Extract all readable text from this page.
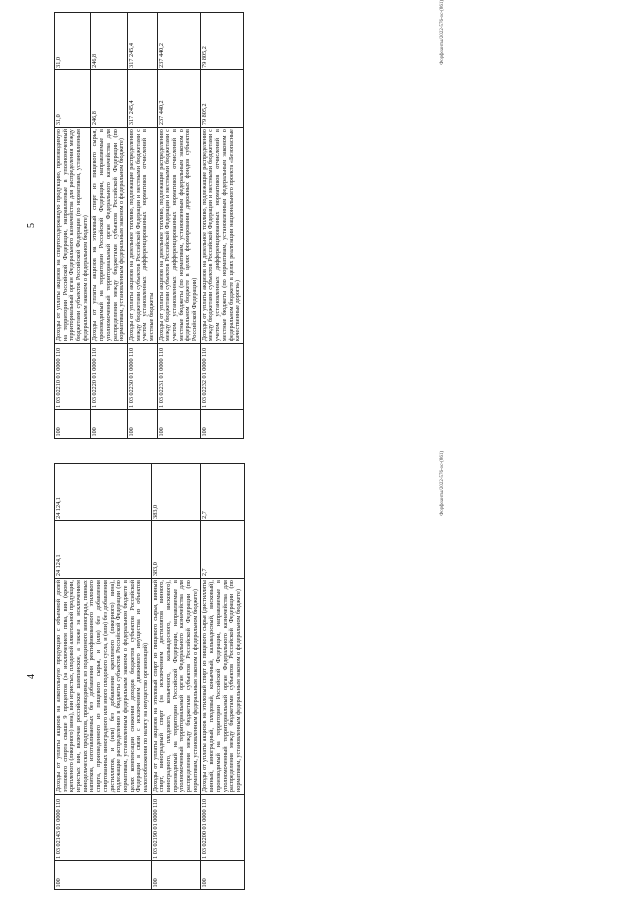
5
100	1 03 02210 01 0000 110	Доходы от уплаты акцизов на спиртосодержащую продукцию, производимую на территории Российской Федерации, направляемые в уполномоченный территориальный орган Федерального казначейства для распределения между бюджетами субъектов Российской Федерации (по нормативам, установленным федеральным законом о федеральном бюджете)	31,0	31,0
100	1 03 02220 01 0000 110	Доходы от уплаты акцизов на этиловый спирт из пищевого сырья, производимый на территории Российской Федерации, направляемые в уполномоченный территориальный орган Федерального казначейства для распределения между бюджетами субъектов Российской Федерации (по нормативам, установленным федеральным законом о федеральном бюджете)	246,8	246,8
100	1 03 02230 01 0000 110	Доходы от уплаты акцизов на дизельное топливо, подлежащие распределению между бюджетами субъектов Российской Федерации и местными бюджетами с учетом установленных дифференцированных нормативов отчислений в местные бюджеты	317 245,4	317 245,4
100	1 03 02231 01 0000 110	Доходы от уплаты акцизов на дизельное топливо, подлежащие распределению между бюджетами субъектов Российской Федерации и местными бюджетами с учетом установленных дифференцированных нормативов отчислений в местные бюджеты (по нормативам, установленным федеральным законом о федеральном бюджете в целях формирования дорожных фондов субъектов Российской Федерации)	237 440,2	237 440,2
100	1 03 02232 01 0000 110	Доходы от уплаты акцизов на дизельное топливо, подлежащие распределению между бюджетами субъектов Российской Федерации и местными бюджетами с учетом установленных дифференцированных нормативов отчислений в местные бюджеты (по нормативам, установленным федеральным законом о федеральном бюджете в целях реализации национального проекта «Безопасные качественные дороги»)	79 805,2	79 805,2	Форфоанты/2022-576-ос-(861)
4
100	1 03 02143 01 0000 110	Доходы от уплаты акцизов на алкогольную продукцию с объемной долей этилового спирта свыше 9 процентов (за исключением пива, вин (кроме крепленого (ликерного) вина), вин игристых, плодовой алкогольной продукции, игристых вин, включая российское шампанское, а также за исключением винодельческих продуктов, производимых из подакцизного винограда, пивных напитков, изготавливаемых без добавления ректификованного этилового спирта, произведенного из пищевого сырья, и (или) без добавления спиртованных виноградного или иного плодового сусла, и (или) без добавления дистиллятов, и (или) без добавления крепленого (ликерного) вина), подлежащие распределению в бюджеты субъектов Российской Федерации (по нормативам, установленным федеральным законом о федеральном бюджете в целях компенсации снижения доходов бюджетов субъектов Российской Федерации в связи с исключением движимого имущества из объектов налогообложения по налогу на имущество организаций)	24 124,1	24 124,1
100	1 03 02190 01 0000 110	Доходы от уплаты акцизов на этиловый спирт из пищевого сырья, винный спирт, виноградный спирт (за исключением дистиллятов винного, виноградного, плодового, коньячного, кальвадосного, вискового), производимый на территории Российской Федерации, направляемые в уполномоченный территориальный орган Федерального казначейства для распределения между бюджетами субъектов Российской Федерации (по нормативам, установленным федеральным законом о федеральном бюджете)	383,0	383,0
100	1 03 02200 01 0000 110	Доходы от уплаты акцизов на этиловый спирт из пищевого сырья (дистилляты винный, виноградный, плодовый, коньячный, кальвадосный, висковый), производимый на территории Российской Федерации, направляемые в уполномоченный территориальный орган Федерального казначейства для распределения между бюджетами субъектов Российской Федерации (по нормативам, установленным федеральным законом о федеральном бюджете)	2,7	2,7	Форфоанты/2022-576-ос-(861)
